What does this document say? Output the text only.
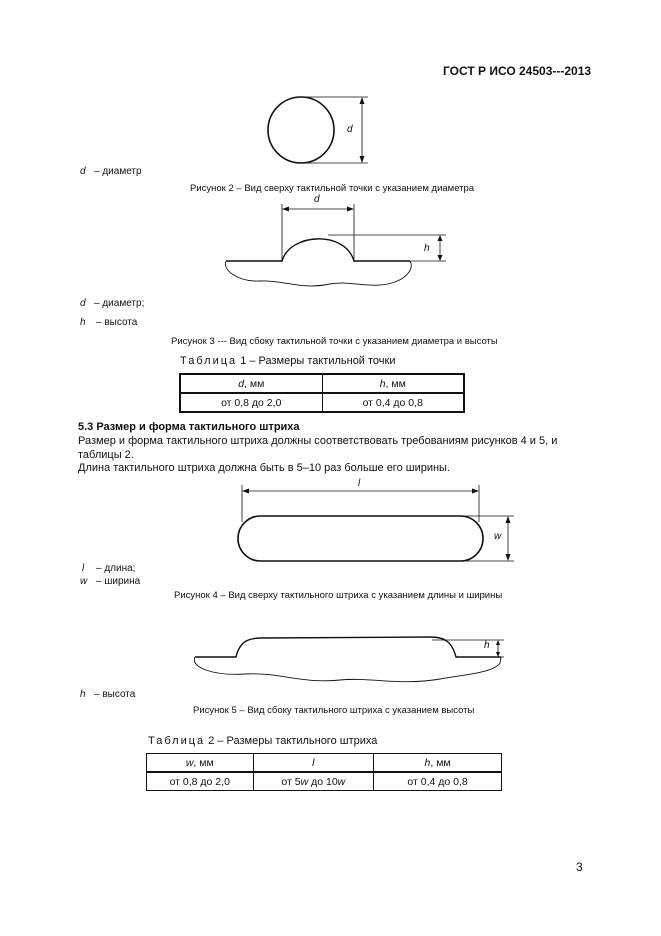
ГОСТ Р ИСО 24503---2013
d
d – диаметр
Рисунок 2 – Вид сверху тактильной точки с указанием диаметра
d
h
d – диаметр;
h – высота
Рисунок 3 --- Вид сбоку тактильной точки с указанием диаметра и высоты
Таблица 1 – Размеры тактильной точки
d, мм	h, мм
от 0,8 до 2,0	от 0,4 до 0,8
5.3 Размер и форма тактильного штриха
Размер и форма тактильного штриха должны соответствовать требованиям рисунков 4 и 5, и
таблицы 2.
Длина тактильного штриха должна быть в 5–10 раз больше его ширины.
l
w
l – длина;
w – ширина
Рисунок 4 – Вид сверху тактильного штриха с указанием длины и ширины
h
h – высота
Рисунок 5 – Вид сбоку тактильного штриха с указанием высоты
Таблица 2 – Размеры тактильного штриха
w, мм	l	h, мм
от 0,8 до 2,0	от 5w до 10w	от 0,4 до 0,8
3
